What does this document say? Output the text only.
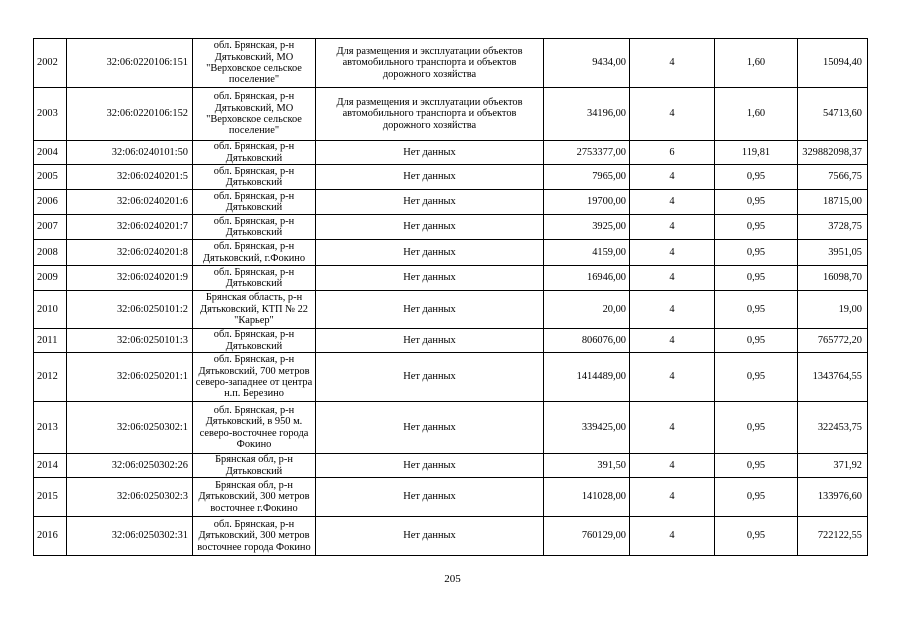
2002	32:06:0220106:151	обл. Брянская, р-н Дятьковский, МО "Верховское сельское поселение"	Для размещения и эксплуатации объектов автомобильного транспорта и объектов дорожного хозяйства	9434,00	4	1,60	15094,40
2003	32:06:0220106:152	обл. Брянская, р-н Дятьковский, МО "Верховское сельское поселение"	Для размещения и эксплуатации объектов автомобильного транспорта и объектов дорожного хозяйства	34196,00	4	1,60	54713,60
2004	32:06:0240101:50	обл. Брянская, р-н Дятьковский	Нет данных	2753377,00	6	119,81	329882098,37
2005	32:06:0240201:5	обл. Брянская, р-н Дятьковский	Нет данных	7965,00	4	0,95	7566,75
2006	32:06:0240201:6	обл. Брянская, р-н Дятьковский	Нет данных	19700,00	4	0,95	18715,00
2007	32:06:0240201:7	обл. Брянская, р-н Дятьковский	Нет данных	3925,00	4	0,95	3728,75
2008	32:06:0240201:8	обл. Брянская, р-н Дятьковский, г.Фокино	Нет данных	4159,00	4	0,95	3951,05
2009	32:06:0240201:9	обл. Брянская, р-н Дятьковский	Нет данных	16946,00	4	0,95	16098,70
2010	32:06:0250101:2	Брянская область, р-н Дятьковский, КТП № 22 "Карьер"	Нет данных	20,00	4	0,95	19,00
2011	32:06:0250101:3	обл. Брянская, р-н Дятьковский	Нет данных	806076,00	4	0,95	765772,20
2012	32:06:0250201:1	обл. Брянская, р-н Дятьковский, 700 метров северо-западнее от центра н.п. Березино	Нет данных	1414489,00	4	0,95	1343764,55
2013	32:06:0250302:1	обл. Брянская, р-н Дятьковский, в 950 м. северо-восточнее города Фокино	Нет данных	339425,00	4	0,95	322453,75
2014	32:06:0250302:26	Брянская обл, р-н Дятьковский	Нет данных	391,50	4	0,95	371,92
2015	32:06:0250302:3	Брянская обл, р-н Дятьковский, 300 метров восточнее г.Фокино	Нет данных	141028,00	4	0,95	133976,60
2016	32:06:0250302:31	обл. Брянская, р-н Дятьковский, 300 метров восточнее города Фокино	Нет данных	760129,00	4	0,95	722122,55
205
